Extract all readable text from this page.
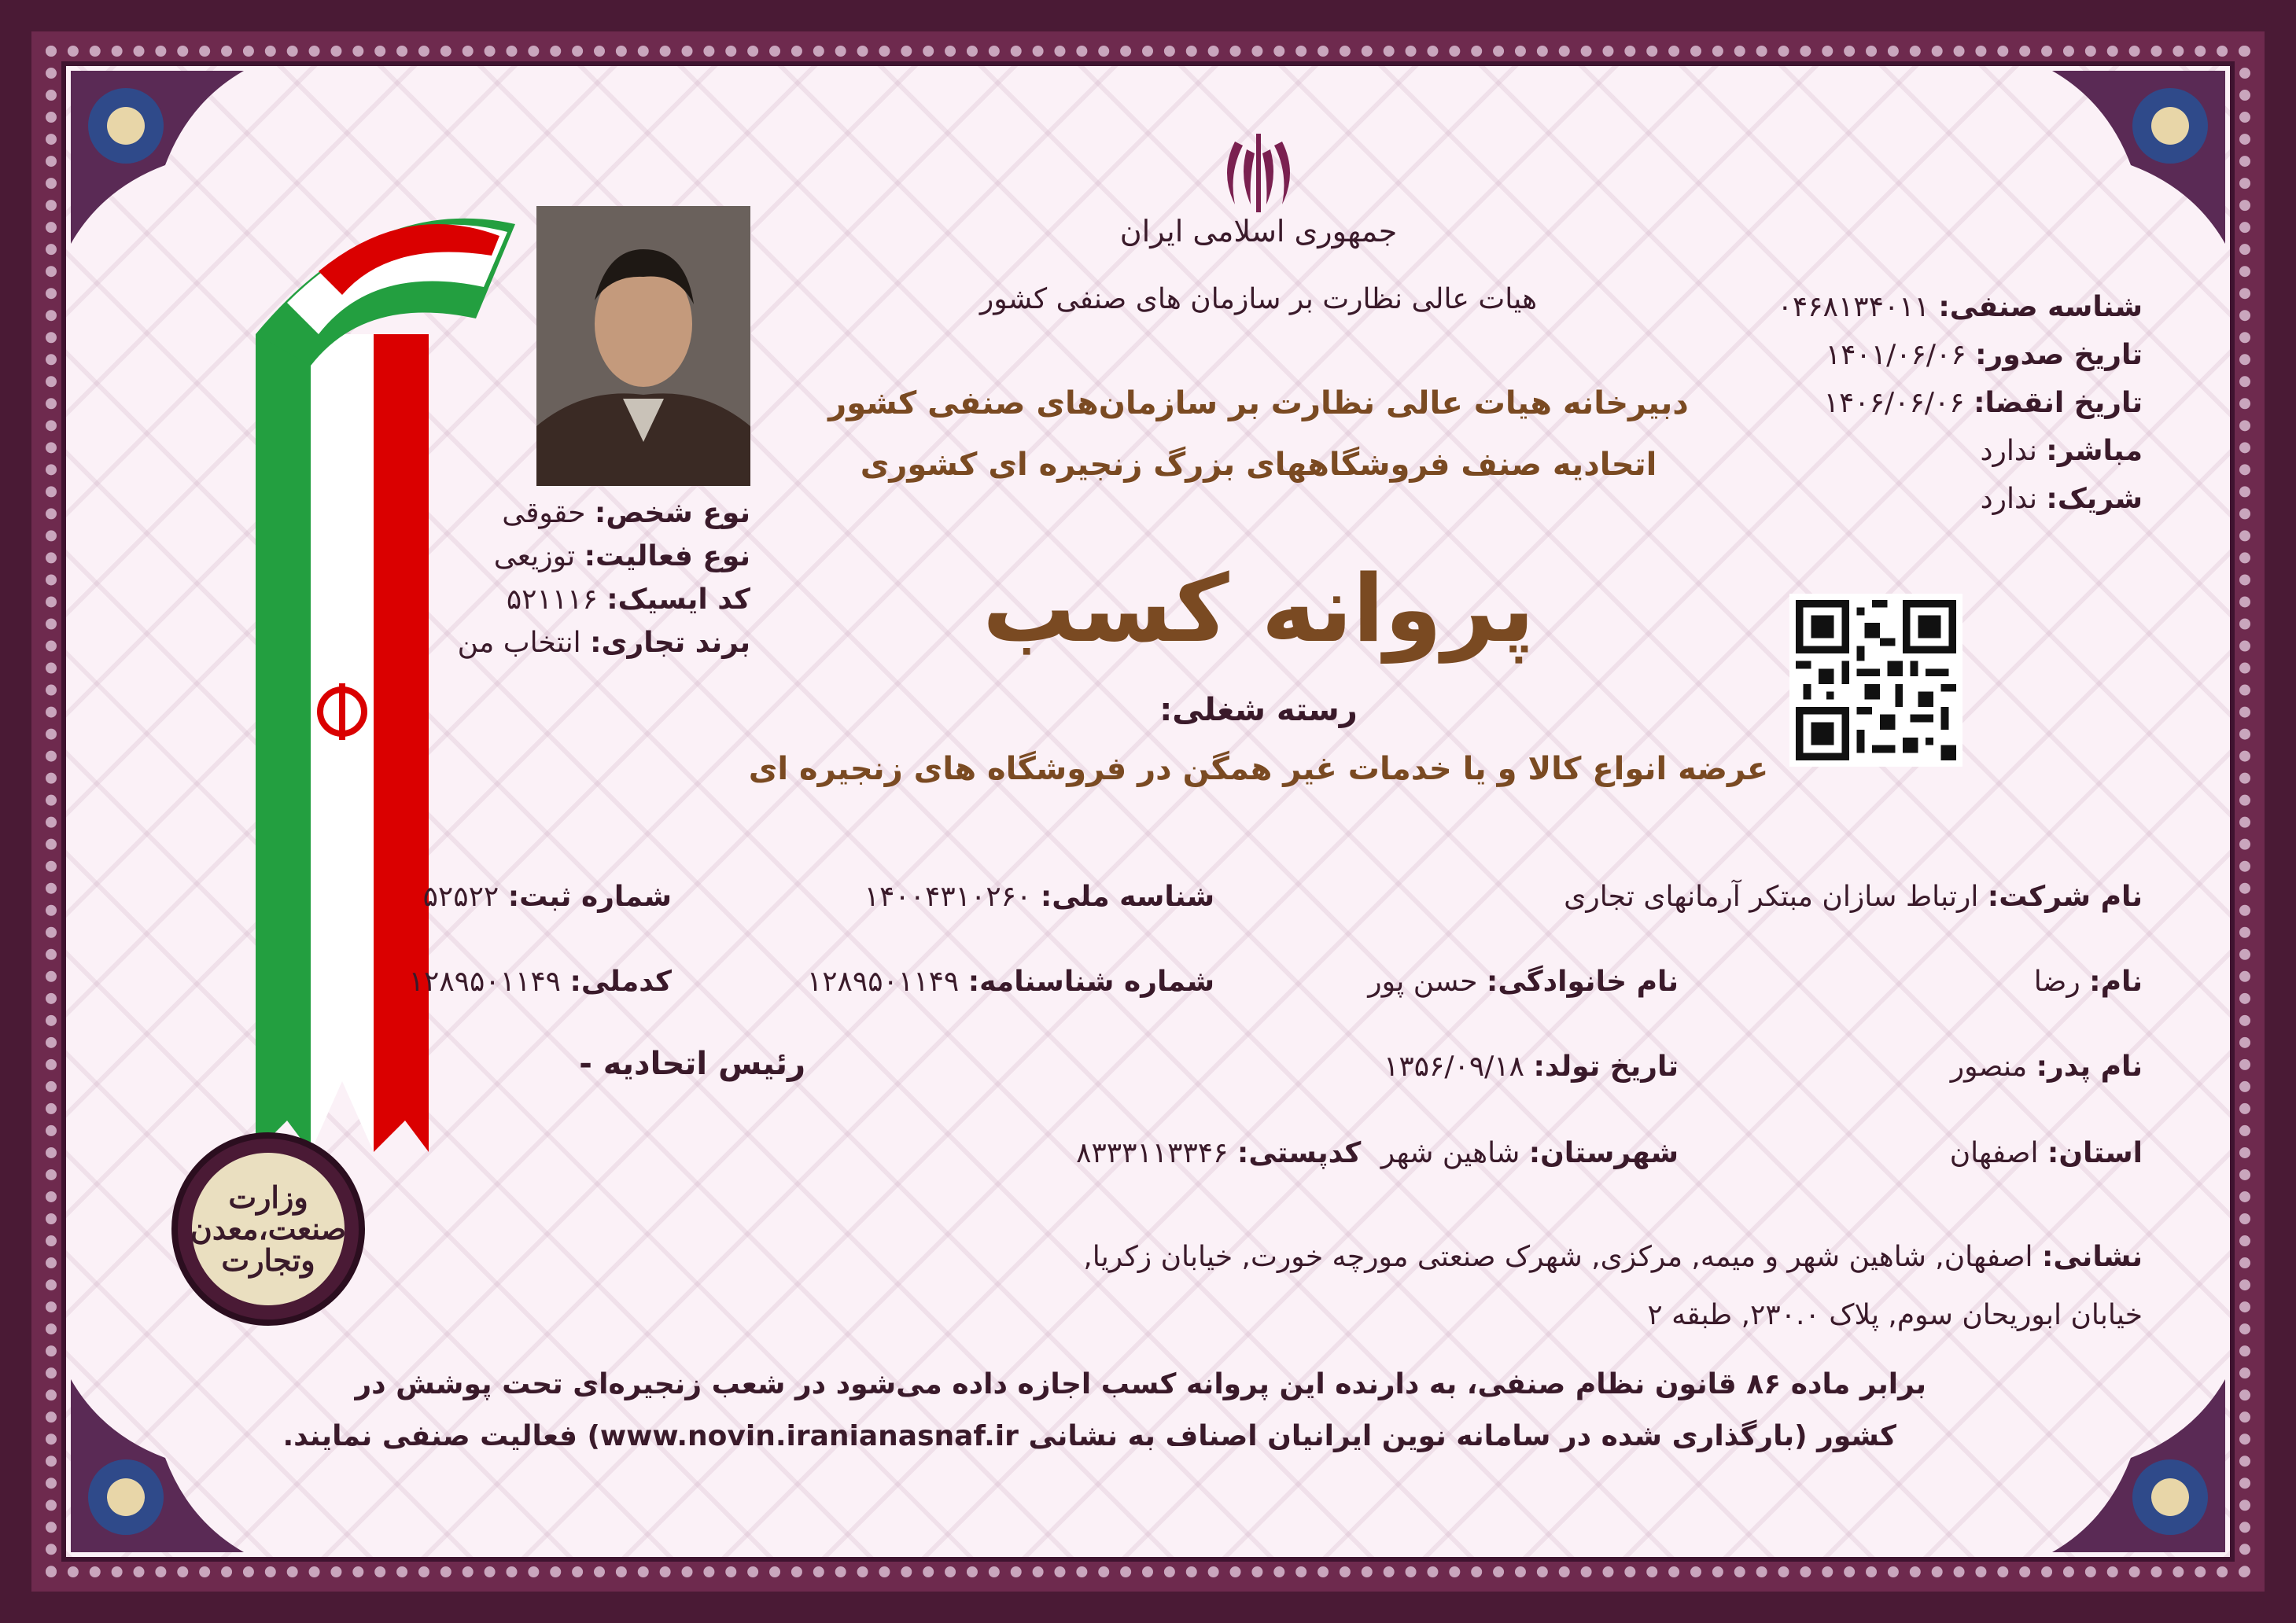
وزارت
صنعت،معدن
وتجارت
جمهوری اسلامی ایران
هیات عالی نظارت بر سازمان های صنفی کشور
دبیرخانه هیات عالی نظارت بر سازمان‌های صنفی کشور
اتحادیه صنف فروشگاههای بزرگ زنجیره ای کشوری
پروانه کسب
رسته شغلی:
عرضه انواع کالا و یا خدمات غیر همگن در فروشگاه های زنجیره ای
شناسه صنفی: ۰۴۶۸۱۳۴۰۱۱
تاریخ صدور: ۱۴۰۱/۰۶/۰۶
تاریخ انقضا: ۱۴۰۶/۰۶/۰۶
مباشر: ندارد
شریک: ندارد
نوع شخص: حقوقی
نوع فعالیت: توزیعی
کد ایسیک: ۵۲۱۱۱۶
برند تجاری: انتخاب من
نام شرکت: ارتباط سازان مبتکر آرمانهای تجاری
شناسه ملی: ۱۴۰۰۴۳۱۰۲۶۰
شماره ثبت: ۵۲۵۲۲
نام: رضا
نام خانوادگی: حسن پور
شماره شناسنامه: ۱۲۸۹۵۰۱۱۴۹
کدملی: ۱۲۸۹۵۰۱۱۴۹
نام پدر: منصور
تاریخ تولد: ۱۳۵۶/۰۹/۱۸
رئیس اتحادیه -
استان: اصفهان
شهرستان: شاهین شهر کدپستی: ۸۳۳۳۱۱۳۳۴۶
نشانی: اصفهان, شاهین شهر و میمه, مرکزی, شهرک صنعتی مورچه خورت, خیابان زکریا,
خیابان ابوریحان سوم, پلاک ۲۳۰.۰, طبقه ۲
برابر ماده ۸۶ قانون نظام صنفی، به دارنده این پروانه کسب اجازه داده می‌شود در شعب زنجیره‌ای تحت پوشش در
کشور (بارگذاری شده در سامانه نوین ایرانیان اصناف به نشانی www.novin.iranianasnaf.ir) فعالیت صنفی نمایند.
